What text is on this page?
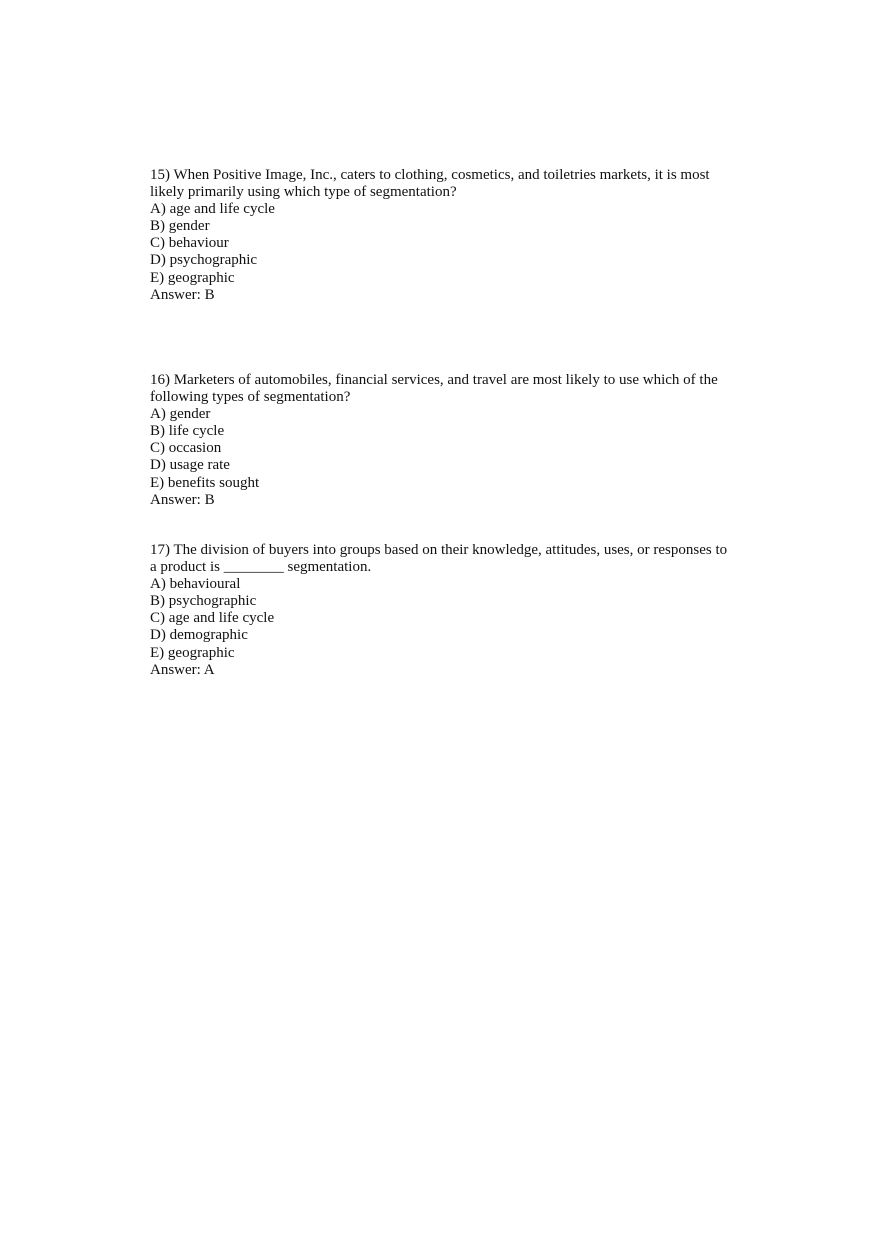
15) When Positive Image, Inc., caters to clothing, cosmetics, and toiletries markets, it is most
likely primarily using which type of segmentation?
A) age and life cycle
B) gender
C) behaviour
D) psychographic
E) geographic
Answer: B
16) Marketers of automobiles, financial services, and travel are most likely to use which of the
following types of segmentation?
A) gender
B) life cycle
C) occasion
D) usage rate
E) benefits sought
Answer: B
17) The division of buyers into groups based on their knowledge, attitudes, uses, or responses to
a product is ________ segmentation.
A) behavioural
B) psychographic
C) age and life cycle
D) demographic
E) geographic
Answer: A
